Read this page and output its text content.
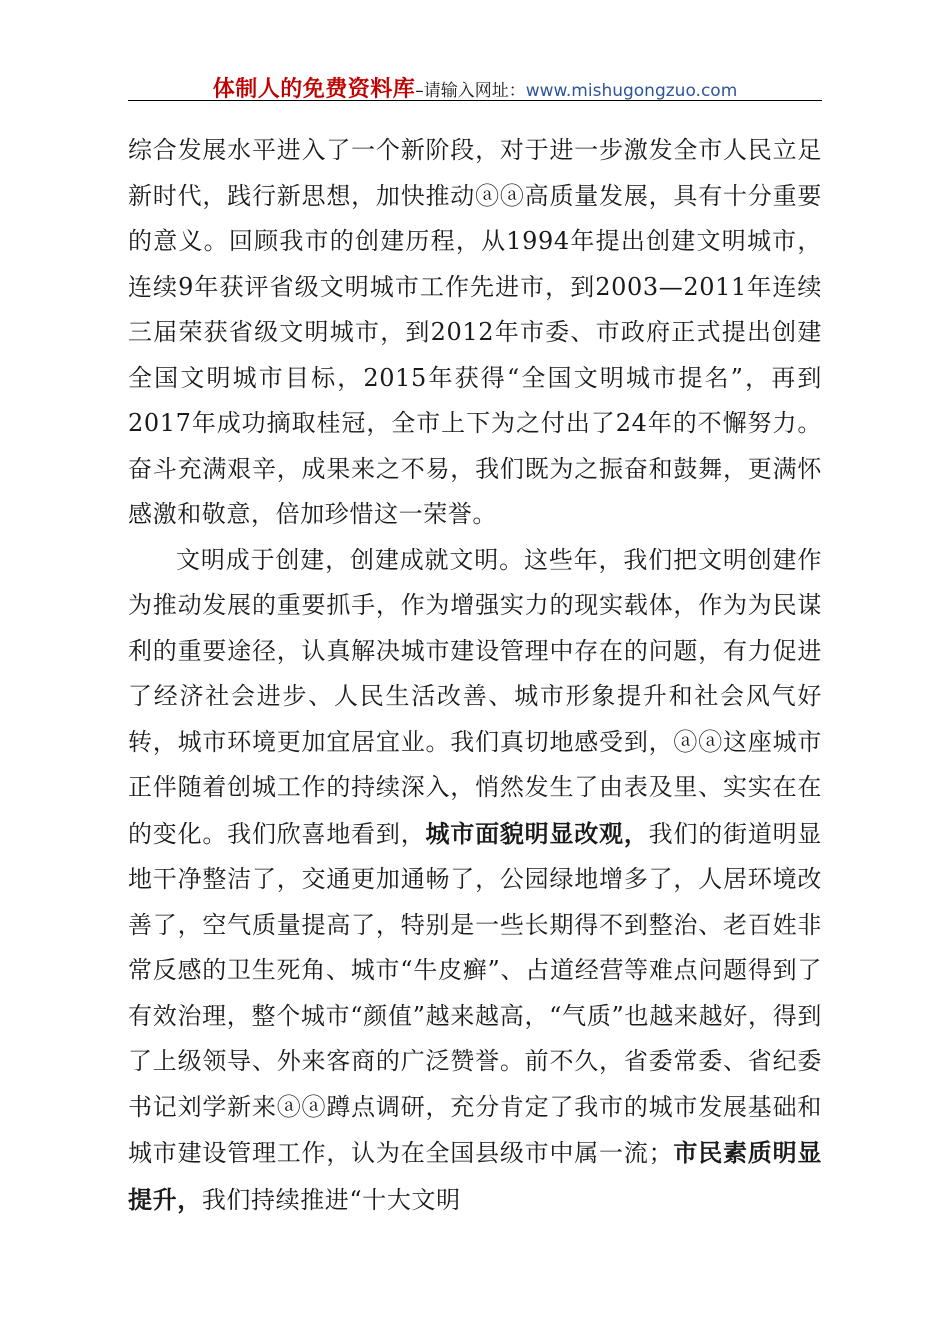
体制人的免费资料库–请输入网址：www.mishugongzuo.com

综合发展水平进入了一个新阶段，对于进一步激发全市人民立足新时代，践行新思想，加快推动ⓐⓐ高质量发展，具有十分重要的意义。回顾我市的创建历程，从1994年提出创建文明城市，连续9年获评省级文明城市工作先进市，到2003—2011年连续三届荣获省级文明城市，到2012年市委、市政府正式提出创建全国文明城市目标，2015年获得“全国文明城市提名”，再到2017年成功摘取桂冠，全市上下为之付出了24年的不懈努力。奋斗充满艰辛，成果来之不易，我们既为之振奋和鼓舞，更满怀感激和敬意，倍加珍惜这一荣誉。

文明成于创建，创建成就文明。这些年，我们把文明创建作为推动发展的重要抓手，作为增强实力的现实载体，作为为民谋利的重要途径，认真解决城市建设管理中存在的问题，有力促进了经济社会进步、人民生活改善、城市形象提升和社会风气好转，城市环境更加宜居宜业。我们真切地感受到，ⓐⓐ这座城市正伴随着创城工作的持续深入，悄然发生了由表及里、实实在在的变化。我们欣喜地看到，城市面貌明显改观，我们的街道明显地干净整洁了，交通更加通畅了，公园绿地增多了，人居环境改善了，空气质量提高了，特别是一些长期得不到整治、老百姓非常反感的卫生死角、城市“牛皮癣”、占道经营等难点问题得到了有效治理，整个城市“颜值”越来越高，“气质”也越来越好，得到了上级领导、外来客商的广泛赞誉。前不久，省委常委、省纪委书记刘学新来ⓐⓐ蹲点调研，充分肯定了我市的城市发展基础和城市建设管理工作，认为在全国县级市中属一流；市民素质明显提升，我们持续推进“十大文明
